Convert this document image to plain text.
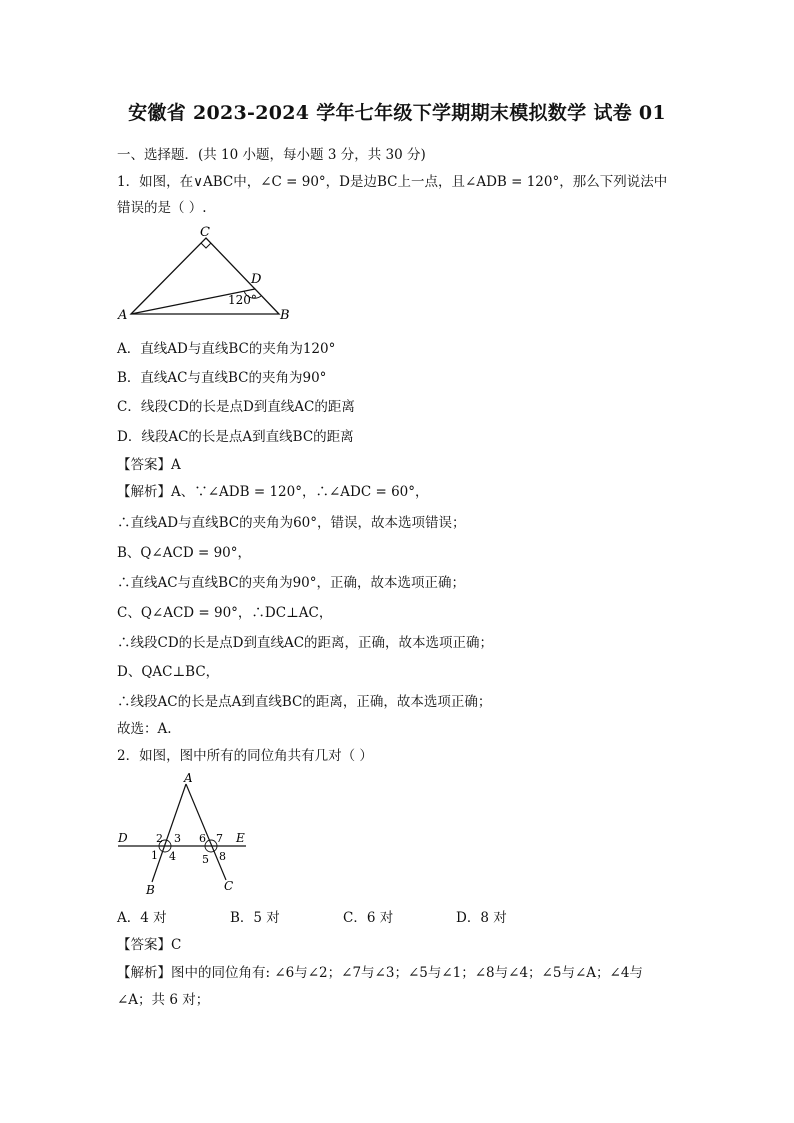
安徽省 2023-2024 学年七年级下学期期末模拟数学 试卷 01
一、选择题．(共 10 小题，每小题 3 分，共 30 分)
1．如图，在∨ABC中，∠C = 90°，D是边BC上一点，且∠ADB = 120°，那么下列说法中
错误的是（ ）.
C
D
A	B
120°
A．直线AD与直线BC的夹角为120°
B．直线AC与直线BC的夹角为90°
C．线段CD的长是点D到直线AC的距离
D．线段AC的长是点A到直线BC的距离
【答案】A
【解析】A、∵∠ADB = 120°，∴∠ADC = 60°，
∴直线AD与直线BC的夹角为60°，错误，故本选项错误；
B、Q∠ACD = 90°，
∴直线AC与直线BC的夹角为90°，正确，故本选项正确；
C、Q∠ACD = 90°，∴DC⊥AC，
∴线段CD的长是点D到直线AC的距离，正确，故本选项正确；
D、QAC⊥BC，
∴线段AC的长是点A到直线BC的距离，正确，故本选项正确；
故选：A.
2．如图，图中所有的同位角共有几对（ ）
A
D	E
B	C
2 3
1 4
6 7
5 8
A．4 对	B．5 对	C．6 对	D．8 对
【答案】C
【解析】图中的同位角有: ∠6与∠2；∠7与∠3；∠5与∠1；∠8与∠4；∠5与∠A；∠4与
∠A；共 6 对；
